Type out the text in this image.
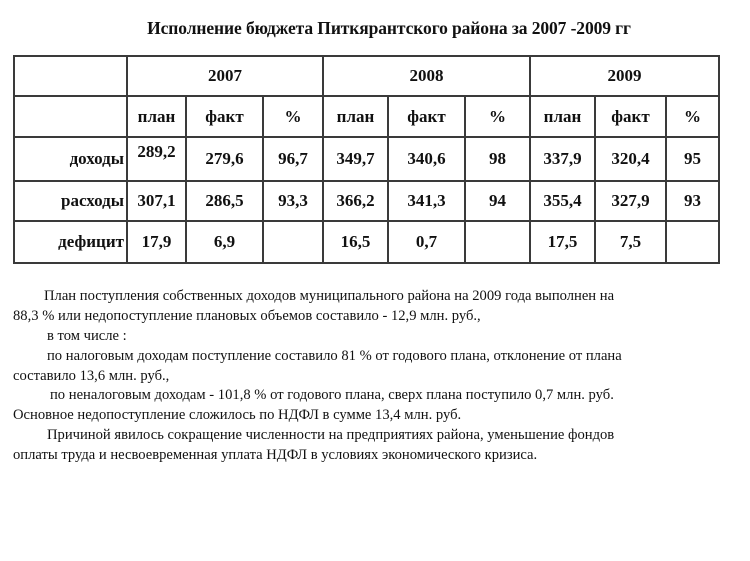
Исполнение бюджета Питкярантского района за 2007 -2009 гг
	2007			2008			2009		
	план	факт	%	план	факт	%	план	факт	%
доходы	289,2	279,6	96,7	349,7	340,6	98	337,9	320,4	95
расходы	307,1	286,5	93,3	366,2	341,3	94	355,4	327,9	93
дефицит	17,9	6,9		16,5	0,7		17,5	7,5	
План поступления собственных доходов муниципального района на 2009 года выполнен на
88,3 % или недопоступление плановых объемов составило - 12,9 млн. руб.,
в том числе :
по налоговым доходам поступление составило 81 % от годового плана, отклонение от плана
составило 13,6 млн. руб.,
по неналоговым доходам - 101,8 % от годового плана, сверх плана поступило 0,7 млн. руб.
Основное недопоступление сложилось по НДФЛ в сумме 13,4 млн. руб.
Причиной явилось сокращение численности на предприятиях района, уменьшение фондов
оплаты труда и несвоевременная уплата НДФЛ в условиях экономического кризиса.
